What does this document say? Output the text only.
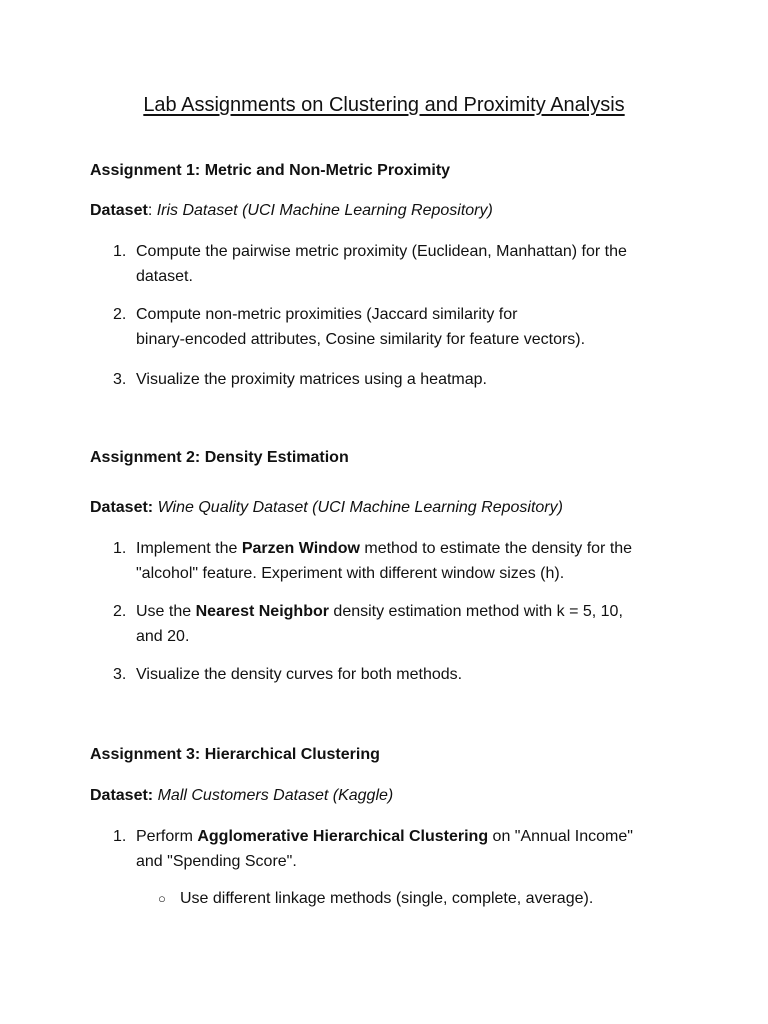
Lab Assignments on Clustering and Proximity Analysis

Assignment 1: Metric and Non-Metric Proximity

Dataset: Iris Dataset (UCI Machine Learning Repository)

1. Compute the pairwise metric proximity (Euclidean, Manhattan) for the
dataset.
2. Compute non-metric proximities (Jaccard similarity for
binary-encoded attributes, Cosine similarity for feature vectors).
3. Visualize the proximity matrices using a heatmap.

Assignment 2: Density Estimation

Dataset: Wine Quality Dataset (UCI Machine Learning Repository)

1. Implement the Parzen Window method to estimate the density for the
"alcohol" feature. Experiment with different window sizes (h).
2. Use the Nearest Neighbor density estimation method with k = 5, 10,
and 20.
3. Visualize the density curves for both methods.

Assignment 3: Hierarchical Clustering

Dataset: Mall Customers Dataset (Kaggle)

1. Perform Agglomerative Hierarchical Clustering on "Annual Income"
and "Spending Score".
○ Use different linkage methods (single, complete, average).
